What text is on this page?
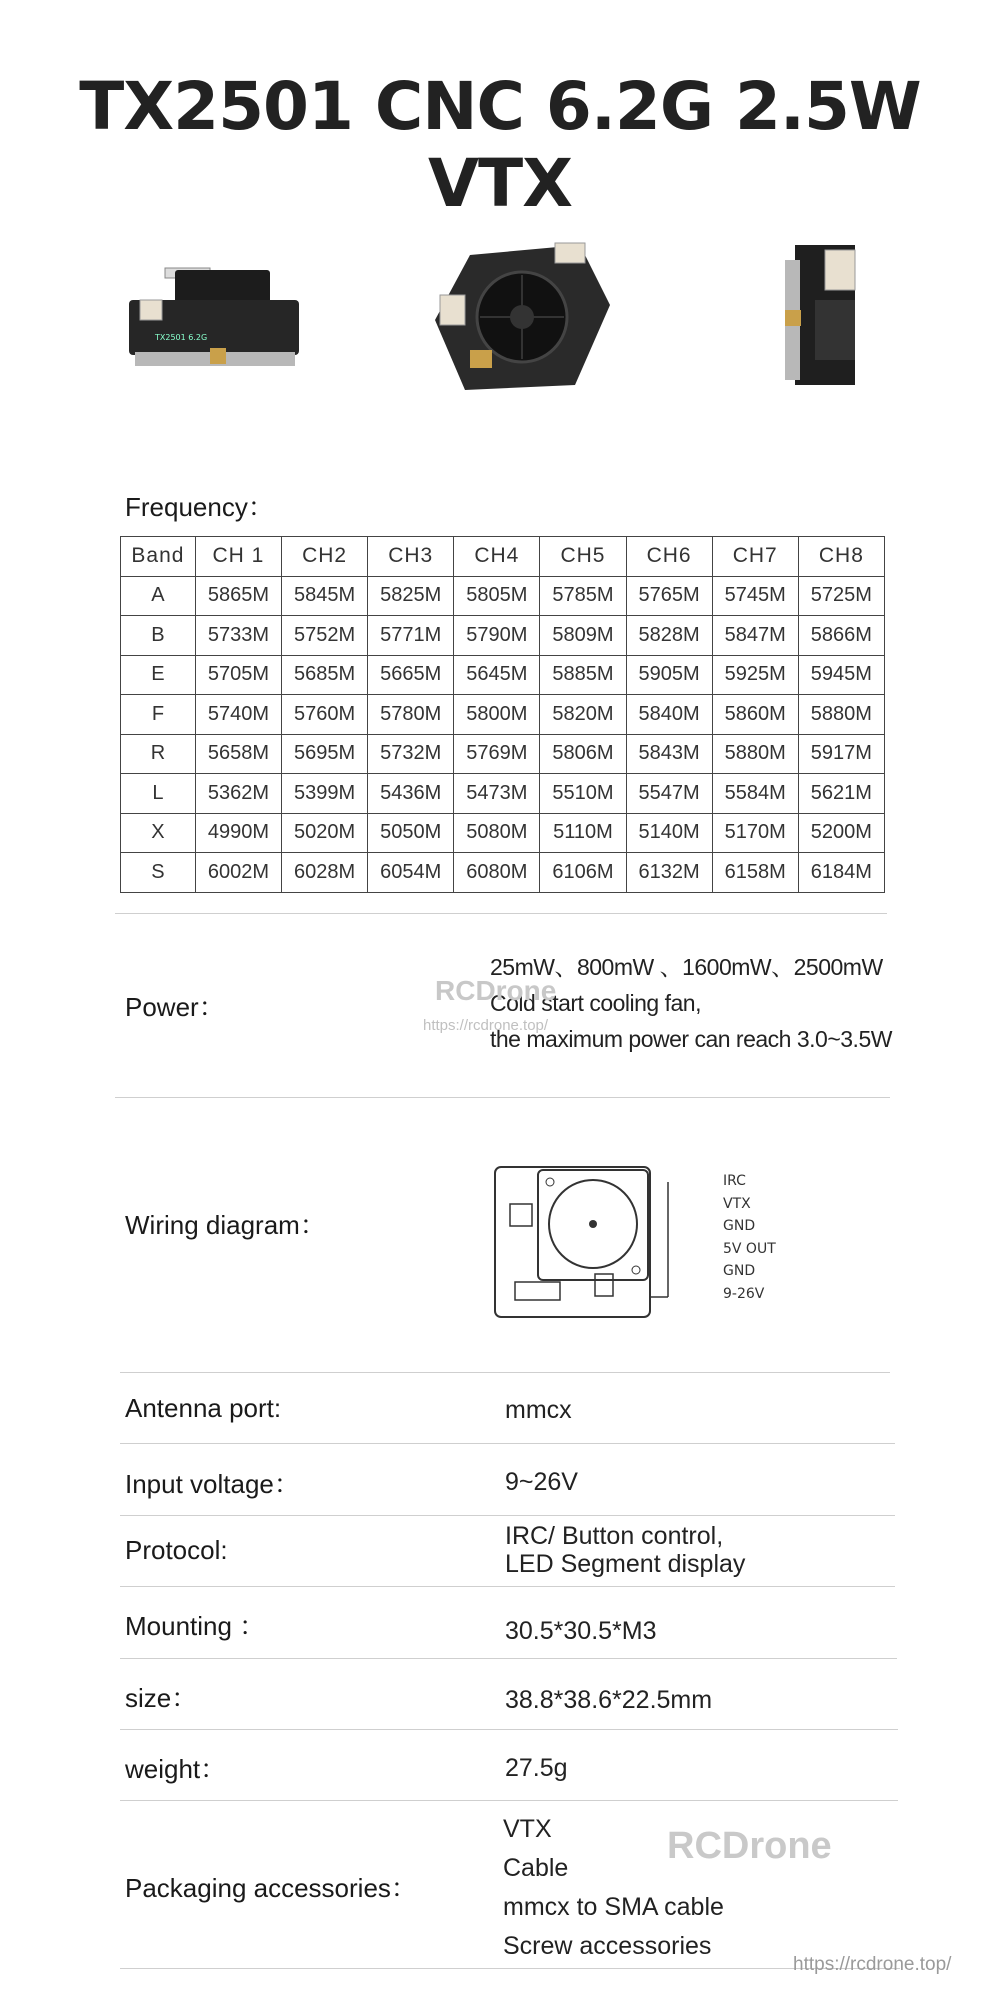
TX2501 CNC 6.2G 2.5W VTX
TX2501 6.2G
Frequency：
Band	CH 1	CH2	CH3	CH4	CH5	CH6	CH7	CH8
A	5865M	5845M	5825M	5805M	5785M	5765M	5745M	5725M
B	5733M	5752M	5771M	5790M	5809M	5828M	5847M	5866M
E	5705M	5685M	5665M	5645M	5885M	5905M	5925M	5945M
F	5740M	5760M	5780M	5800M	5820M	5840M	5860M	5880M
R	5658M	5695M	5732M	5769M	5806M	5843M	5880M	5917M
L	5362M	5399M	5436M	5473M	5510M	5547M	5584M	5621M
X	4990M	5020M	5050M	5080M	5110M	5140M	5170M	5200M
S	6002M	6028M	6054M	6080M	6106M	6132M	6158M	6184M
Power：
25mW、800mW 、1600mW、2500mW
Cold start cooling fan,
the maximum power can reach 3.0~3.5W
RCDrone
https://rcdrone.top/
Wiring diagram：
IRC
VTX
GND
5V OUT
GND
9-26V
Antenna port:	mmcx
Input voltage：	9~26V
Protocol:	IRC/ Button control,
LED Segment display
Mounting ：	30.5*30.5*M3
size：	38.8*38.6*22.5mm
weight：	27.5g
Packaging accessories：
VTX
Cable
mmcx to SMA cable
Screw accessories
RCDrone
https://rcdrone.top/
